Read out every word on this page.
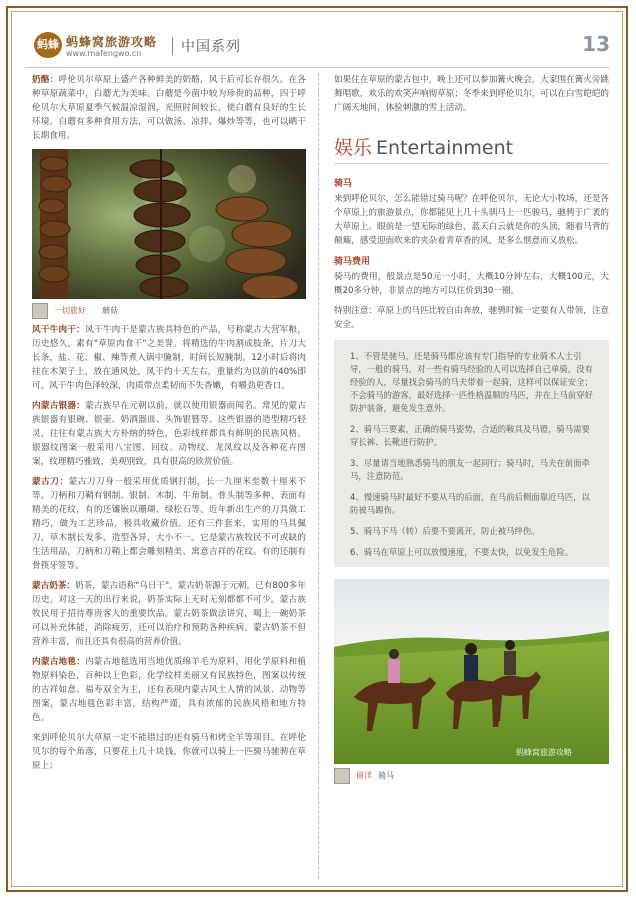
蚂蜂 蚂蜂窝旅游攻略
www.mafengwo.cn	中国系列	13

奶酪：呼伦贝尔草原上盛产各种鲜美的奶酪，风干后可长存很久。在各种草原蔬菜中，白蘑尤为美味。白蘑是今菌中较为珍贵的品种，四于呼伦贝尔大草原夏季气候温凉湿润，光照时间较长，使白蘑有良好的生长环境。白蘑有多种食用方法，可以做汤、凉拌、爆炒等等，也可以晒干长期食用。

一切旅好 蘑菇

风干牛肉干：风干牛肉干是蒙古族具特色的产品，号称蒙古大营军粮，历史悠久，素有"草原肉食干"之美誉。将精选的牛肉割成肢条，片刀大长条，盐、花、椒、辣等煮入锅中腌制，时间长短腌制，12小时后将肉挂在木架子上，放在通风处，风干约十天左右，重量约为以前的40%即可。风干牛肉色泽较深，肉质带点柔韧而不失香嫩，有嚼劲更香口。

内蒙古银器：蒙古族早在元朝以前，就以使用银器而闻名。常见的蒙古族银器有银碗、银壶、奶酒器皿、头饰银簪等。这些银器的造型精巧轻灵，往往有蒙古族大方朴纳的特色，色彩线样都具有鲜明的民族风格。银器纹图案一般采用八宝图、回纹、动物纹、龙凤纹以及各种花卉图案，纹理精巧雅致，美观别致，具有很高的欣赏价值。

蒙古刀：蒙古刀刀身一般采用优质钢打制，长一九厘米至数十厘米不等。刀柄和刀鞘有钢制、银制、木制、牛角制、骨头制等多种，表面有精美的花纹，有的还镶嵌以珊瑚、绿松石等。近年新出生产的刀具做工精巧，做为工艺珍品，极具收藏价值。还有三件套来，实用的马具佩刀，草木制长发多，造型各异，大小不一。它是蒙古族牧民不可或缺的生活用品，刀柄和刀鞘上都会雕刻精美、寓意吉祥的花纹。有的还制有骨筷牙签等。

蒙古奶茶：奶茶，蒙古语称"乌日干"。蒙古奶茶源于元朝，已有800多年历史，对这一天的出行来说，奶茶实际上无时无刻都都不可少。蒙古族牧民用于招待尊贵客人的重要饮品。蒙古奶茶做法讲究，喝上一碗奶茶可以补充体能，消除疲劳，还可以治疗和预防各种疾病。蒙古奶茶不但营养丰富，而且还具有很高的营养价值。

内蒙古地毯：内蒙古地毯选用当地优质绵羊毛为原料，用化学原料和植物原料染色，百种以上色彩，化学纹样美丽又有民族特色，图案以传统的吉祥如意、福寿双全为主，还有表现内蒙古风土人情的风景、动物等图案，蒙古地毯色彩丰富，结构严谨，具有浓郁的民族风格和地方特色。

来到呼伦贝尔大草原一定不能错过的还有骑马和烤全羊等项目。在呼伦贝尔的每个角落，只要花上几十块钱，你就可以骑上一匹骏马驰骋在草原上；

如果住在草原的蒙古包中，晚上还可以参加篝火晚会，大家围在篝火旁跳舞唱歌，欢乐的欢笑声响彻草原；冬季来到呼伦贝尔，可以在白雪皑皑的广阔天地间，体验刺激的雪上活动。

娱乐 Entertainment
骑马

来到呼伦贝尔，怎么能错过骑马呢？在呼伦贝尔，无论大小牧场，还是各个草原上的旅游景点，你都能见上几十头驯马上一匹骏马，驰骋于广袤的大草原上。眼前是一望无际的绿色，蓝天白云就是你的头顶，随着马背的颠簸，感受迎面吹来的夹杂着青草香的风，是多么惬意而又放松。

骑马费用

骑马的费用，般景点是50元一小时，大概10分钟左右，大概100元，大概20多分钟，非景点的地方可以住价到30一圈。

特别注意：草原上的马匹比较自由奔放，驰骋时候一定要有人带领，注意安全。

1、不管是驰马，还是骑马都应该有专门指导的专业骑术人士引导，一般的骑马，对一些有骑马经验的人可以选择自己单骑，没有经验的人，尽量找会骑马的马夫带着一起骑，这样可以保证安全；不会骑马的游客，最好选择一匹性格温顺的马匹，并在上马前穿好防护装备，避免发生意外。

2、骑马三要素，正确的骑马姿势，合适的鞍具及马镫，骑马需要穿长裤、长靴进行防护。

3、尽量请当地熟悉骑马的朋友一起同行；骑马时，马夫在前面牵马，注意防范。

4、慢速骑马时最好不要从马的后面，在马前后侧面靠近马匹，以防被马踢伤。

5、骑马下马（转）后要不要离开，防止被马绊伤。

6、骑马在草原上可以放慢速度，不要太快，以免发生危险。

蚂蜂窝旅游攻略
留洋 骑马
